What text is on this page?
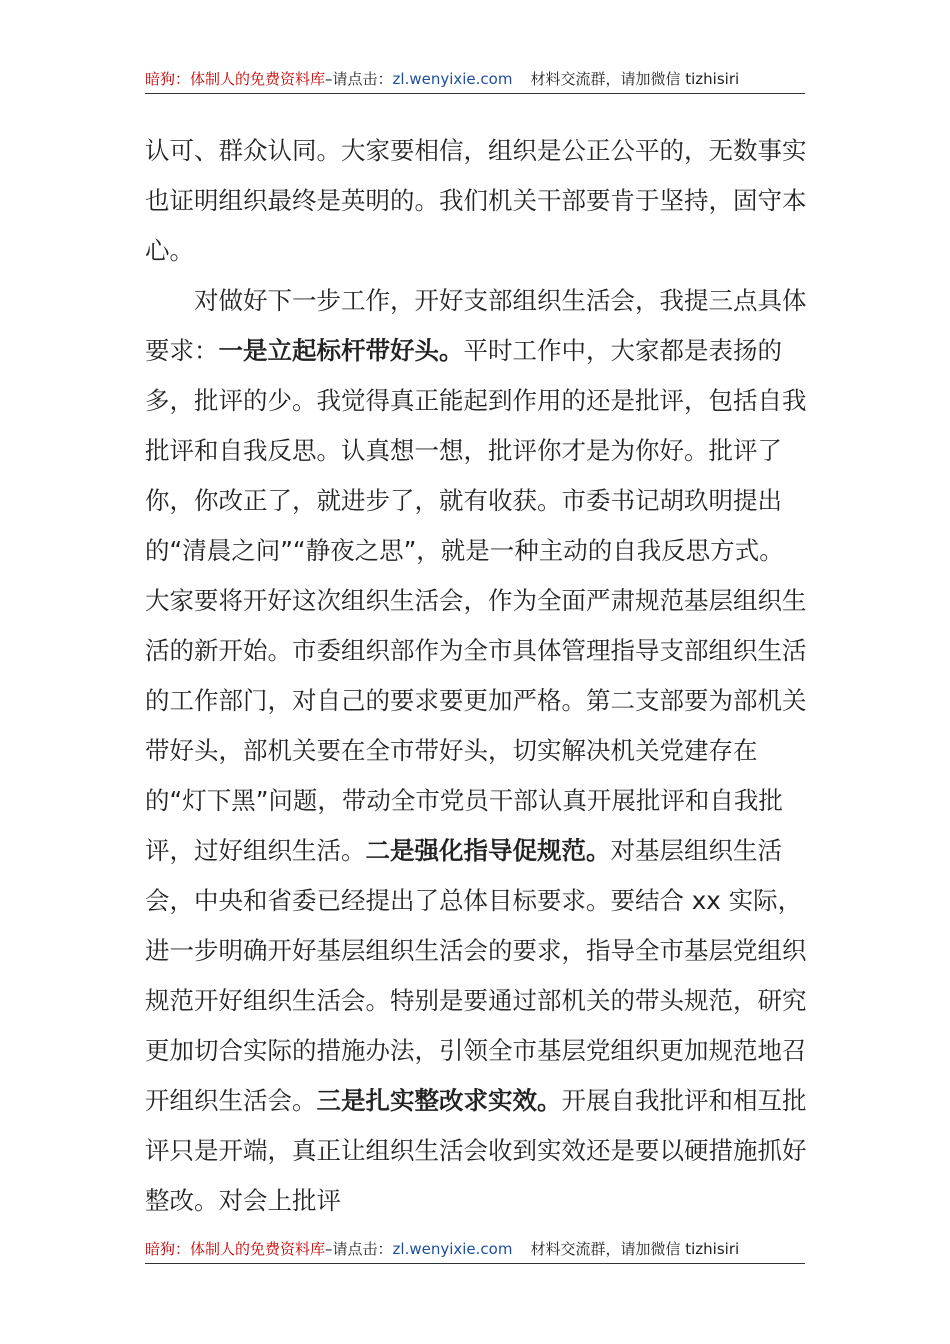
暗狗：体制人的免费资料库–请点击：zl.wenyixie.com 材料交流群，请加微信 tizhisiri

认可、群众认同。大家要相信，组织是公正公平的，无数事实也证明组织最终是英明的。我们机关干部要肯于坚持，固守本心。

对做好下一步工作，开好支部组织生活会，我提三点具体要求：一是立起标杆带好头。平时工作中，大家都是表扬的多，批评的少。我觉得真正能起到作用的还是批评，包括自我批评和自我反思。认真想一想，批评你才是为你好。批评了你，你改正了，就进步了，就有收获。市委书记胡玖明提出的“清晨之问”“静夜之思”，就是一种主动的自我反思方式。大家要将开好这次组织生活会，作为全面严肃规范基层组织生活的新开始。市委组织部作为全市具体管理指导支部组织生活的工作部门，对自己的要求要更加严格。第二支部要为部机关带好头，部机关要在全市带好头，切实解决机关党建存在的“灯下黑”问题，带动全市党员干部认真开展批评和自我批评，过好组织生活。二是强化指导促规范。对基层组织生活会，中央和省委已经提出了总体目标要求。要结合 xx 实际，进一步明确开好基层组织生活会的要求，指导全市基层党组织规范开好组织生活会。特别是要通过部机关的带头规范，研究更加切合实际的措施办法，引领全市基层党组织更加规范地召开组织生活会。三是扎实整改求实效。开展自我批评和相互批评只是开端，真正让组织生活会收到实效还是要以硬措施抓好整改。对会上批评

暗狗：体制人的免费资料库–请点击：zl.wenyixie.com 材料交流群，请加微信 tizhisiri
